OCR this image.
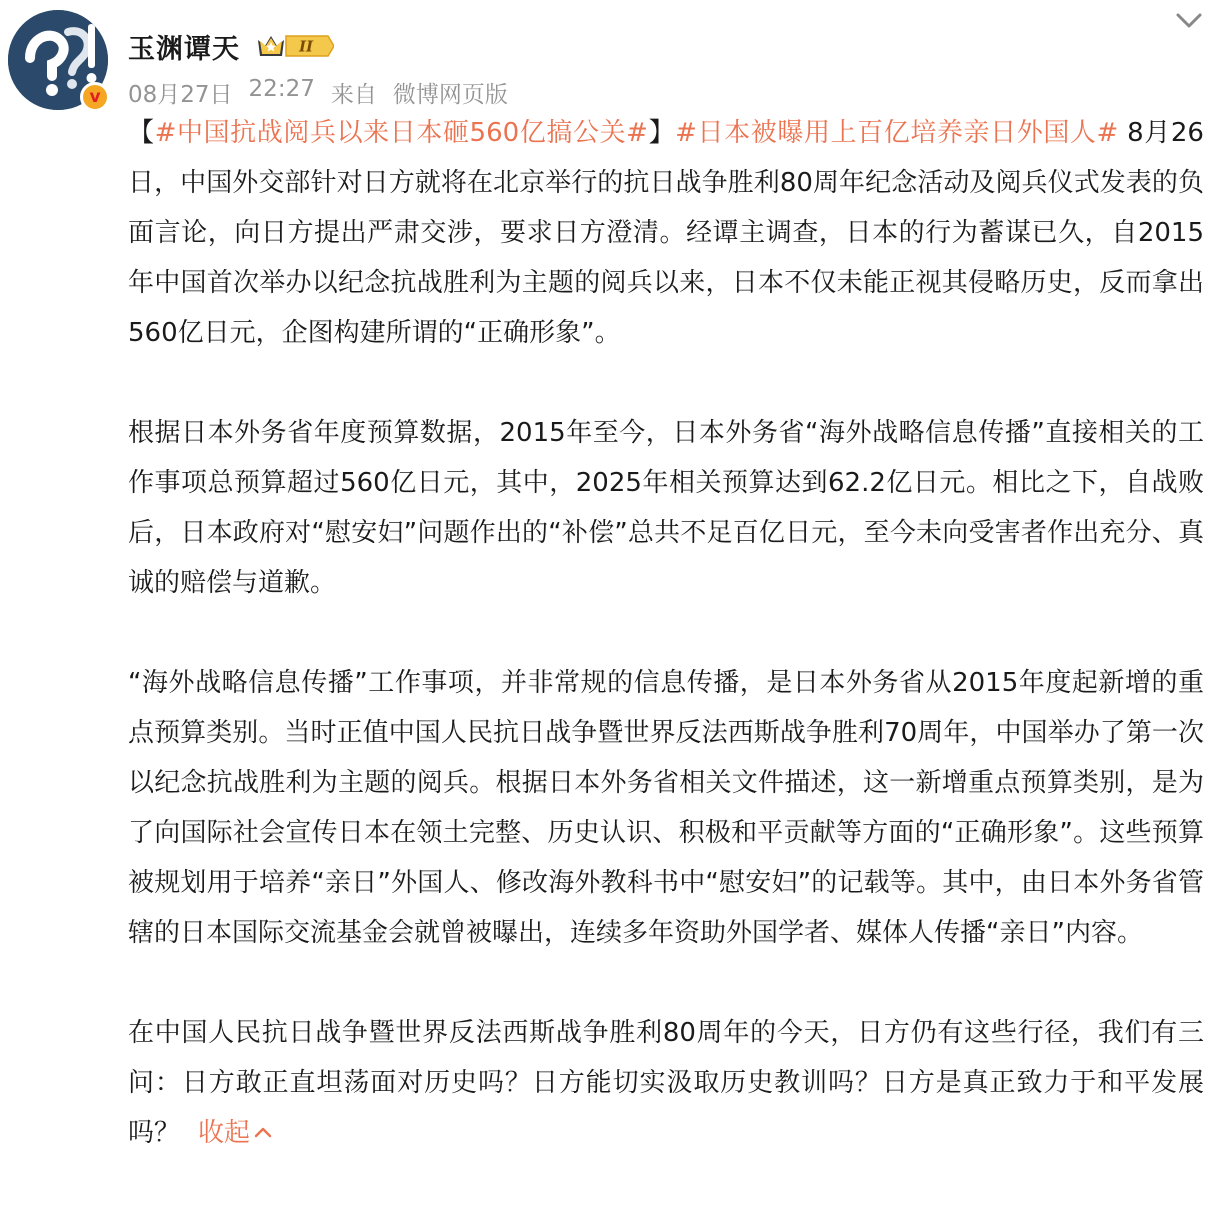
v
玉渊谭天	II
08月27日 22:27 来自 微博网页版

【#中国抗战阅兵以来日本砸560亿搞公关#】#日本被曝用上百亿培养亲日外国人# 8月26日，中国外交部针对日方就将在北京举行的抗日战争胜利80周年纪念活动及阅兵仪式发表的负面言论，向日方提出严肃交涉，要求日方澄清。经谭主调查，日本的行为蓄谋已久，自2015年中国首次举办以纪念抗战胜利为主题的阅兵以来，日本不仅未能正视其侵略历史，反而拿出560亿日元，企图构建所谓的“正确形象”。

根据日本外务省年度预算数据，2015年至今，日本外务省“海外战略信息传播”直接相关的工作事项总预算超过560亿日元，其中，2025年相关预算达到62.2亿日元。相比之下，自战败后，日本政府对“慰安妇”问题作出的“补偿”总共不足百亿日元，至今未向受害者作出充分、真诚的赔偿与道歉。

“海外战略信息传播”工作事项，并非常规的信息传播，是日本外务省从2015年度起新增的重点预算类别。当时正值中国人民抗日战争暨世界反法西斯战争胜利70周年，中国举办了第一次以纪念抗战胜利为主题的阅兵。根据日本外务省相关文件描述，这一新增重点预算类别，是为了向国际社会宣传日本在领土完整、历史认识、积极和平贡献等方面的“正确形象”。这些预算被规划用于培养“亲日”外国人、修改海外教科书中“慰安妇”的记载等。其中，由日本外务省管辖的日本国际交流基金会就曾被曝出，连续多年资助外国学者、媒体人传播“亲日”内容。

在中国人民抗日战争暨世界反法西斯战争胜利80周年的今天，日方仍有这些行径，我们有三问：日方敢正直坦荡面对历史吗？日方能切实汲取历史教训吗？日方是真正致力于和平发展吗？ 收起
